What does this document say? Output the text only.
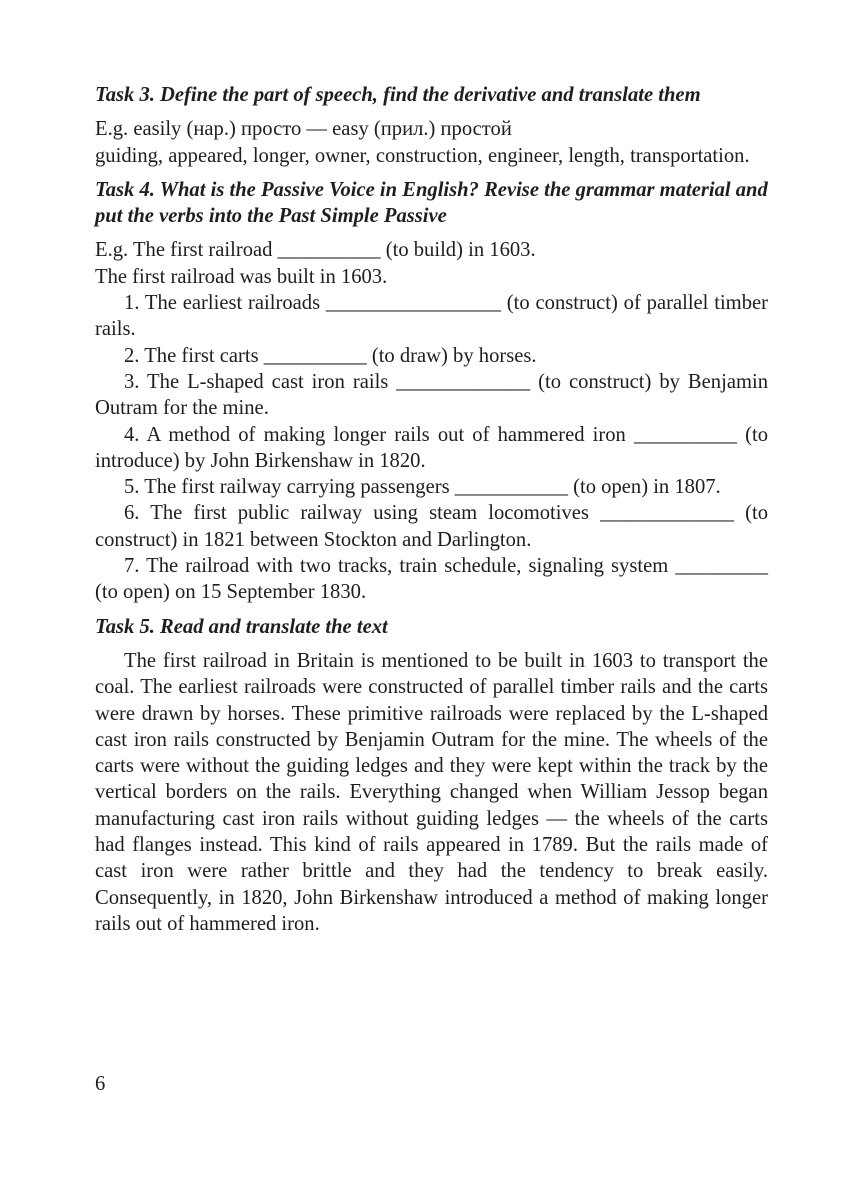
Task 3. Define the part of speech, find the derivative and translate them

E.g. easily (нар.) просто — easy (прил.) простой

guiding, appeared, longer, owner, construction, engineer, length, transportation.

Task 4. What is the Passive Voice in English? Revise the grammar material and put the verbs into the Past Simple Passive

E.g. The first railroad __________ (to build) in 1603.

The first railroad was built in 1603.

1. The earliest railroads _________________ (to construct) of parallel timber rails.

2. The first carts __________ (to draw) by horses.

3. The L-shaped cast iron rails _____________ (to construct) by Benjamin Outram for the mine.

4. A method of making longer rails out of hammered iron __________ (to introduce) by John Birkenshaw in 1820.

5. The first railway carrying passengers ___________ (to open) in 1807.

6. The first public railway using steam locomotives _____________ (to construct) in 1821 between Stockton and Darlington.

7. The railroad with two tracks, train schedule, signaling system _________ (to open) on 15 September 1830.

Task 5. Read and translate the text

The first railroad in Britain is mentioned to be built in 1603 to transport the coal. The earliest railroads were constructed of parallel timber rails and the carts were drawn by horses. These primitive railroads were replaced by the L-shaped cast iron rails constructed by Benjamin Outram for the mine. The wheels of the carts were without the guiding ledges and they were kept within the track by the vertical borders on the rails. Everything changed when William Jessop began manufacturing cast iron rails without guiding ledges — the wheels of the carts had flanges instead. This kind of rails appeared in 1789. But the rails made of cast iron were rather brittle and they had the tendency to break easily. Consequently, in 1820, John Birkenshaw introduced a method of making longer rails out of hammered iron.

6
